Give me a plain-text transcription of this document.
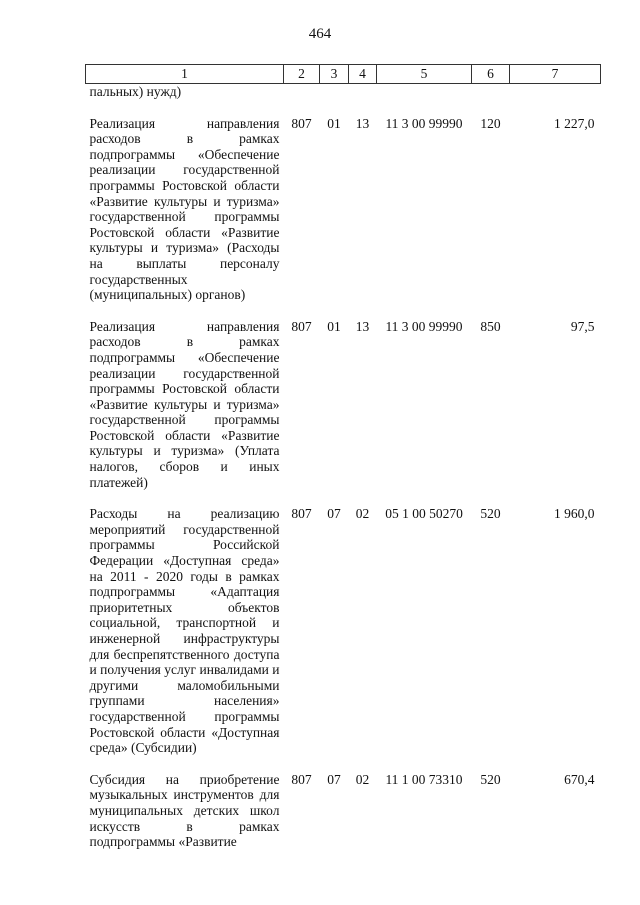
464
1	2	3	4	5	6	7
пальных) нужд)						
Реализация направления расходов в рамках подпрограммы «Обеспечение реализации государственной программы Ростовской области «Развитие культуры и туризма» государственной программы Ростовской области «Развитие культуры и туризма» (Расходы на выплаты персоналу государственных (муниципальных) органов)	807	01	13	11 3 00 99990	120	1 227,0
Реализация направления расходов в рамках подпрограммы «Обеспечение реализации государственной программы Ростовской области «Развитие культуры и туризма» государственной программы Ростовской области «Развитие культуры и туризма» (Уплата налогов, сборов и иных платежей)	807	01	13	11 3 00 99990	850	97,5
Расходы на реализацию мероприятий государственной программы Российской Федерации «Доступная среда» на 2011 - 2020 годы в рамках подпрограммы «Адаптация приоритетных объектов социальной, транспортной и инженерной инфраструктуры для беспрепятственного доступа и получения услуг инвалидами и другими маломобильными группами населения» государственной программы Ростовской области «Доступная среда» (Субсидии)	807	07	02	05 1 00 50270	520	1 960,0
Субсидия на приобретение музыкальных инструментов для муниципальных детских школ искусств в рамках подпрограммы «Развитие	807	07	02	11 1 00 73310	520	670,4
